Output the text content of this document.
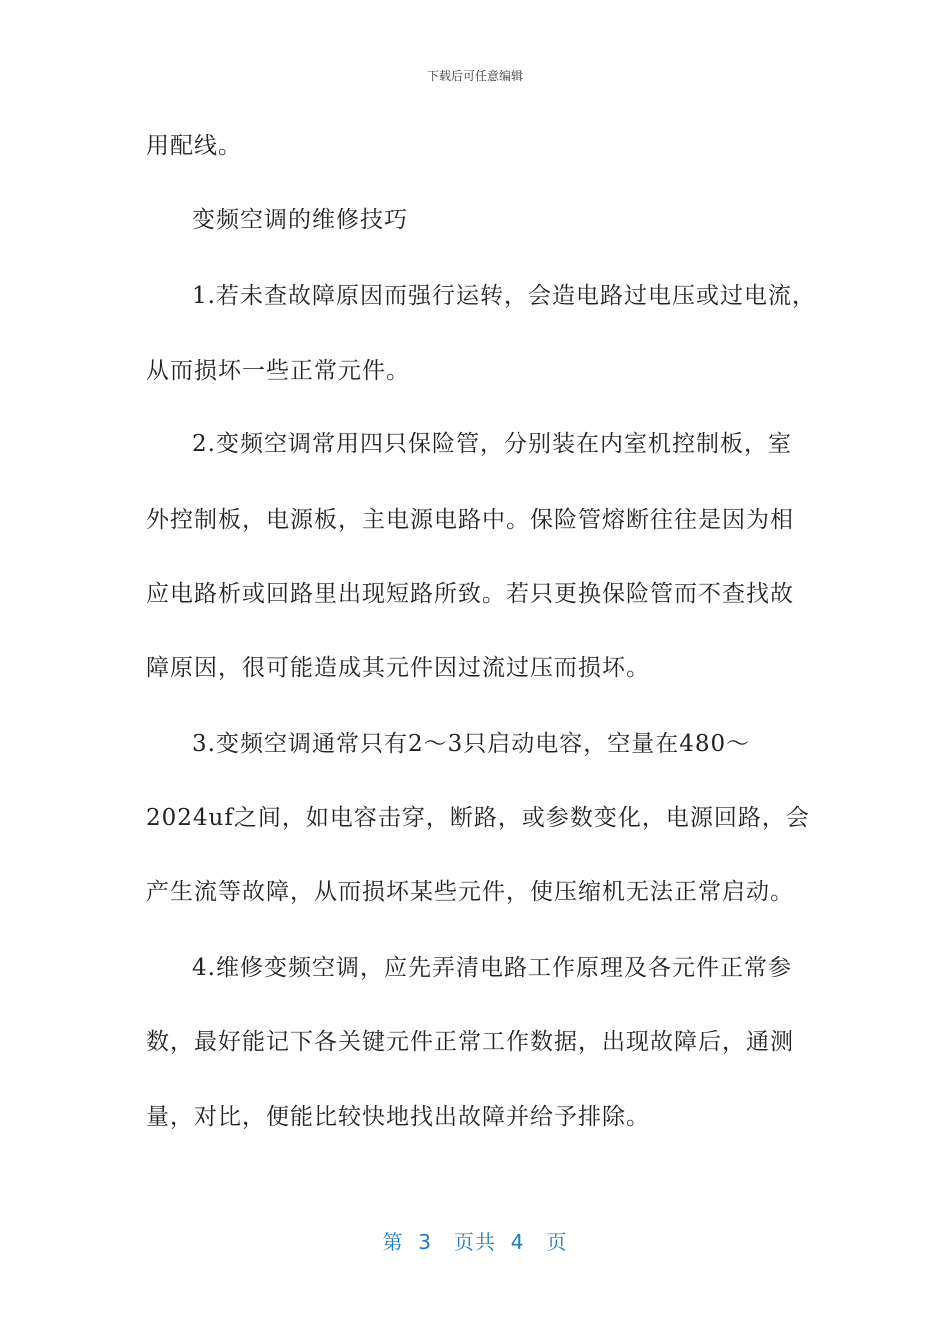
下载后可任意编辑
用配线。
变频空调的维修技巧
1.若未查故障原因而强行运转，会造电路过电压或过电流，
从而损坏一些正常元件。
2.变频空调常用四只保险管，分别装在内室机控制板，室
外控制板，电源板，主电源电路中。保险管熔断往往是因为相
应电路析或回路里出现短路所致。若只更换保险管而不查找故
障原因，很可能造成其元件因过流过压而损坏。
3.变频空调通常只有2～3只启动电容，空量在480～
2024uf之间，如电容击穿，断路，或参数变化，电源回路，会
产生流等故障，从而损坏某些元件，使压缩机无法正常启动。
4.维修变频空调，应先弄清电路工作原理及各元件正常参
数，最好能记下各关键元件正常工作数据，出现故障后，通测
量，对比，便能比较快地找出故障并给予排除。
第 3 页共 4 页
